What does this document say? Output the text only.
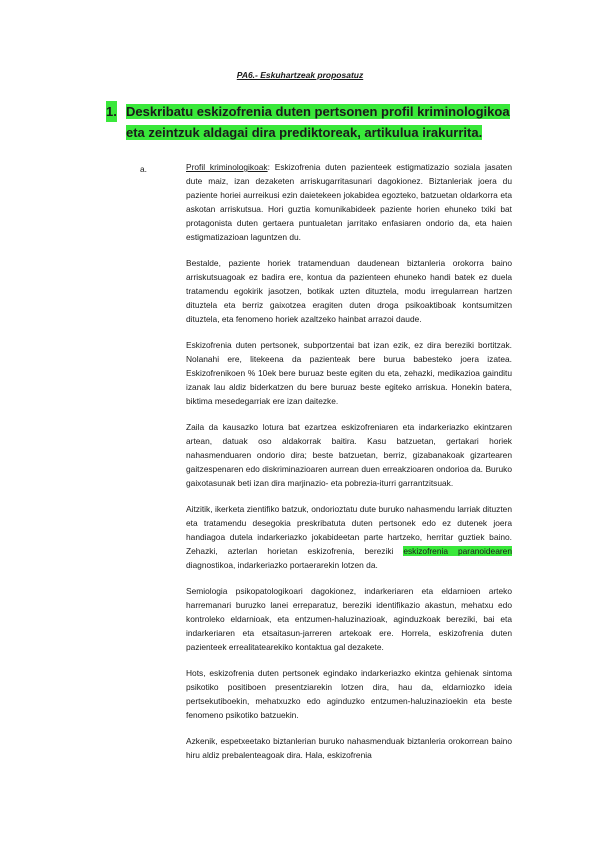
PA6.- Eskuhartzeak proposatuz
1. Deskribatu eskizofrenia duten pertsonen profil kriminologikoa eta zeintzuk aldagai dira prediktoreak, artikulua irakurrita.
a.	Profil kriminologikoak: Eskizofrenia duten pazienteek estigmatizazio soziala jasaten dute maiz, izan dezaketen arriskugarritasunari dagokionez. Biztanleriak joera du paziente horiei aurreikusi ezin daietekeen jokabidea egozteko, batzuetan oldarkorra eta askotan arriskutsua. Hori guztia komunikabideek paziente horien ehuneko txiki bat protagonista duten gertaera puntualetan jarritako enfasiaren ondorio da, eta haien estigmatizazioan laguntzen du.

Bestalde, paziente horiek tratamenduan daudenean biztanleria orokorra baino arriskutsuagoak ez badira ere, kontua da pazienteen ehuneko handi batek ez duela tratamendu egokirik jasotzen, botikak uzten dituztela, modu irregularrean hartzen dituztela eta berriz gaixotzea eragiten duten droga psikoaktiboak kontsumitzen dituztela, eta fenomeno horiek azaltzeko hainbat arrazoi daude.

Eskizofrenia duten pertsonek, subportzentai bat izan ezik, ez dira bereziki bortitzak. Nolanahi ere, litekeena da pazienteak bere burua babesteko joera izatea. Eskizofrenikoen % 10ek bere buruaz beste egiten du eta, zehazki, medikazioa gainditu izanak lau aldiz biderkatzen du bere buruaz beste egiteko arriskua. Honekin batera, biktima mesedegarriak ere izan daitezke.

Zaila da kausazko lotura bat ezartzea eskizofreniaren eta indarkeriazko ekintzaren artean, datuak oso aldakorrak baitira. Kasu batzuetan, gertakari horiek nahasmenduaren ondorio dira; beste batzuetan, berriz, gizabanakoak gizartearen gaitzespenaren edo diskriminazioaren aurrean duen erreakzioaren ondorioa da. Buruko gaixotasunak beti izan dira marjinazio- eta pobrezia-iturri garrantzitsuak.

Aitzitik, ikerketa zientifiko batzuk, ondorioztatu dute buruko nahasmendu larriak dituzten eta tratamendu desegokia preskribatuta duten pertsonek edo ez dutenek joera handiagoa dutela indarkeriazko jokabideetan parte hartzeko, herritar guztiek baino. Zehazki, azterlan horietan eskizofrenia, bereziki eskizofrenia paranoidearen diagnostikoa, indarkeriazko portaerarekin lotzen da.

Semiologia psikopatologikoari dagokionez, indarkeriaren eta eldarnioen arteko harremanari buruzko lanei erreparatuz, bereziki identifikazio akastun, mehatxu edo kontroleko eldarnioak, eta entzumen-haluzinazioak, aginduzkoak bereziki, bai eta indarkeriaren eta etsaitasun-jarreren artekoak ere. Horrela, eskizofrenia duten pazienteek errealitatearekiko kontaktua gal dezakete.

Hots, eskizofrenia duten pertsonek egindako indarkeriazko ekintza gehienak sintoma psikotiko positiboen presentziarekin lotzen dira, hau da, eldarniozko ideia pertsekutiboekin, mehatxuzko edo aginduzko entzumen-haluzinazioekin eta beste fenomeno psikotiko batzuekin.

Azkenik, espetxeetako biztanlerian buruko nahasmenduak biztanleria orokorrean baino hiru aldiz prebalenteagoak dira. Hala, eskizofrenia
